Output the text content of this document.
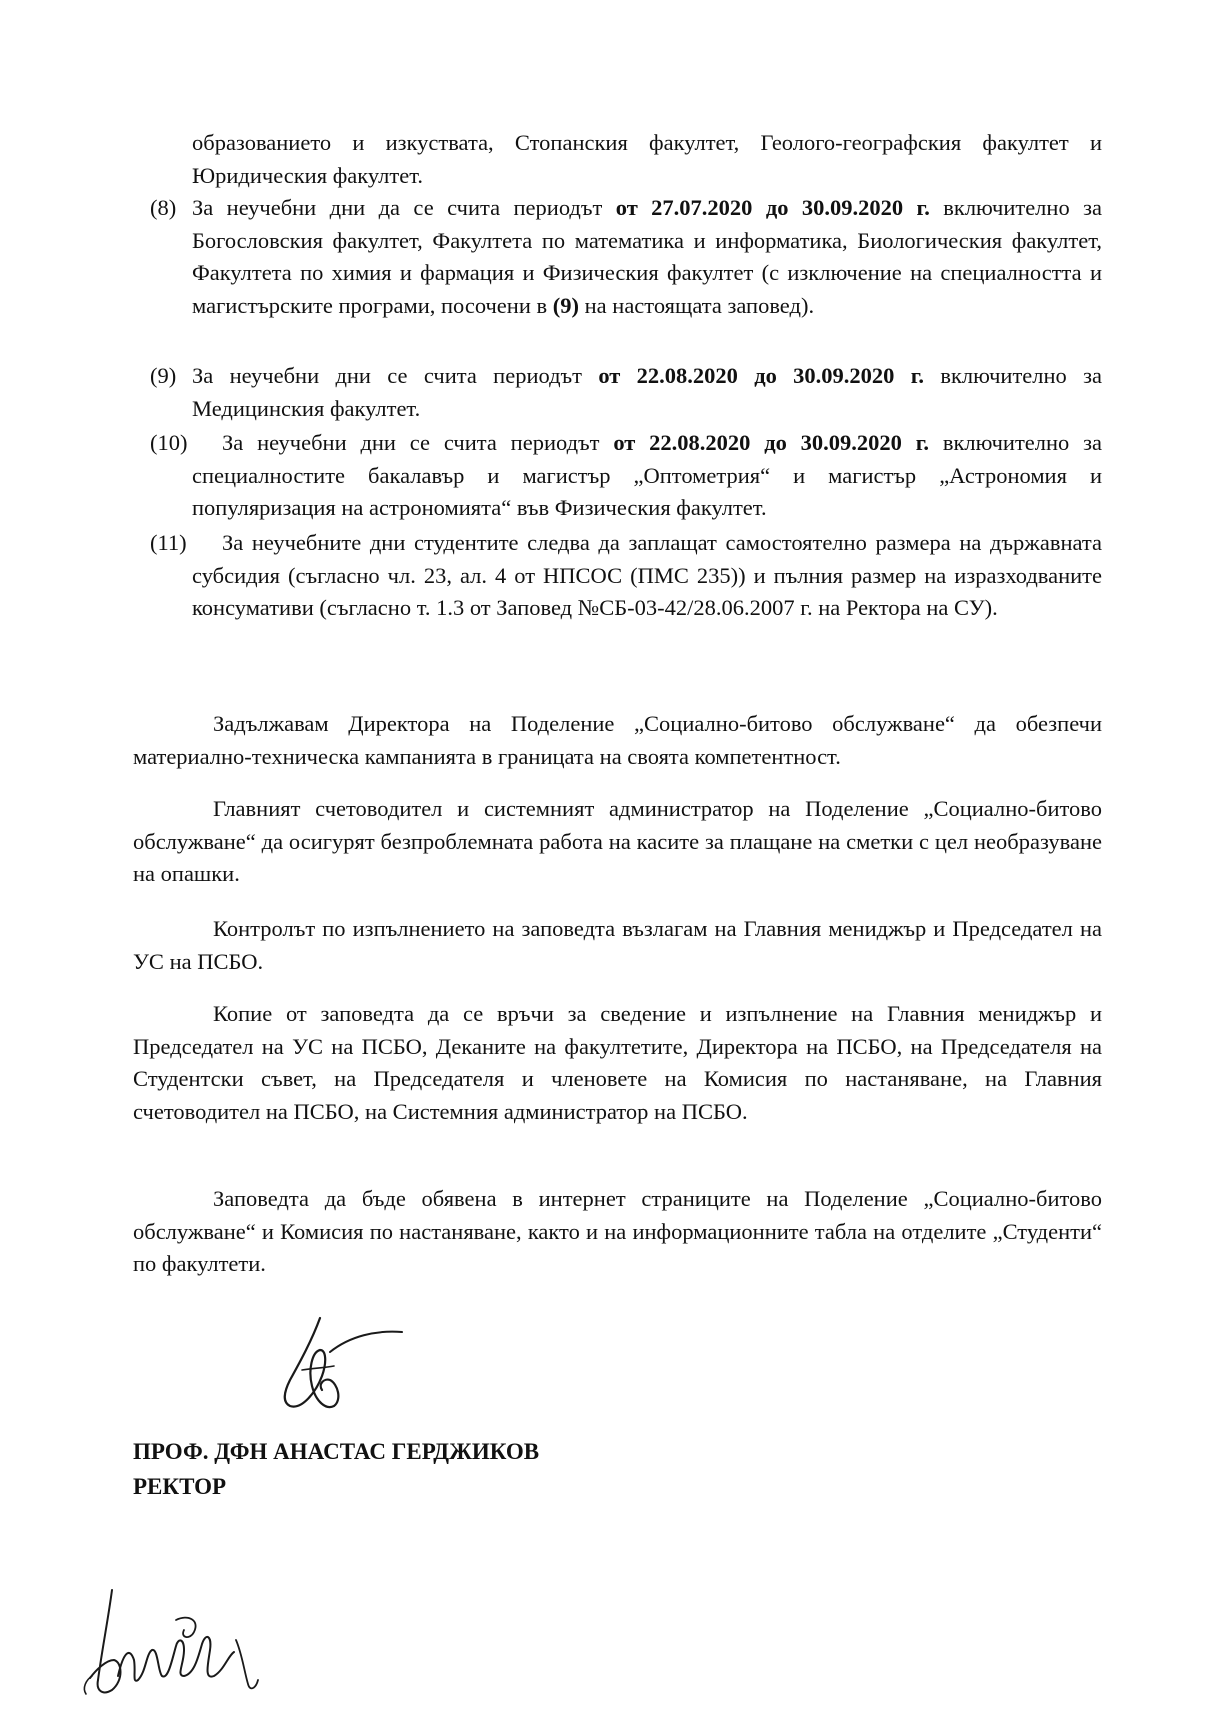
образованието и изкуствата, Стопанския факултет, Геолого-географския факултет и Юридическия факултет.
(8) За неучебни дни да се счита периодът от 27.07.2020 до 30.09.2020 г. включително за Богословския факултет, Факултета по математика и информатика, Биологическия факултет, Факултета по химия и фармация и Физическия факултет (с изключение на специалността и магистърските програми, посочени в (9) на настоящата заповед).
(9) За неучебни дни се счита периодът от 22.08.2020 до 30.09.2020 г. включително за Медицинския факултет.
(10)	За неучебни дни се счита периодът от 22.08.2020 до 30.09.2020 г. включително за специалностите бакалавър и магистър „Оптометрия“ и магистър „Астрономия и популяризация на астрономията“ във Физическия факултет.
(11)	За неучебните дни студентите следва да заплащат самостоятелно размера на държавната субсидия (съгласно чл. 23, ал. 4 от НПСОС (ПМС 235)) и пълния размер на изразходваните консумативи (съгласно т. 1.3 от Заповед №СБ-03-42/28.06.2007 г. на Ректора на СУ).
Задължавам Директора на Поделение „Социално-битово обслужване“ да обезпечи материално-техническа кампанията в границата на своята компетентност.
Главният счетоводител и системният администратор на Поделение „Социално-битово обслужване“ да осигурят безпроблемната работа на касите за плащане на сметки с цел необразуване на опашки.
Контролът по изпълнението на заповедта възлагам на Главния мениджър и Председател на УС на ПСБО.
Копие от заповедта да се връчи за сведение и изпълнение на Главния мениджър и Председател на УС на ПСБО, Деканите на факултетите, Директора на ПСБО, на Председателя на Студентски съвет, на Председателя и членовете на Комисия по настаняване, на Главния счетоводител на ПСБО, на Системния администратор на ПСБО.
Заповедта да бъде обявена в интернет страниците на Поделение „Социално-битово обслужване“ и Комисия по настаняване, както и на информационните табла на отделите „Студенти“ по факултети.
ПРОФ. ДФН АНАСТАС ГЕРДЖИКОВ
РЕКТОР
